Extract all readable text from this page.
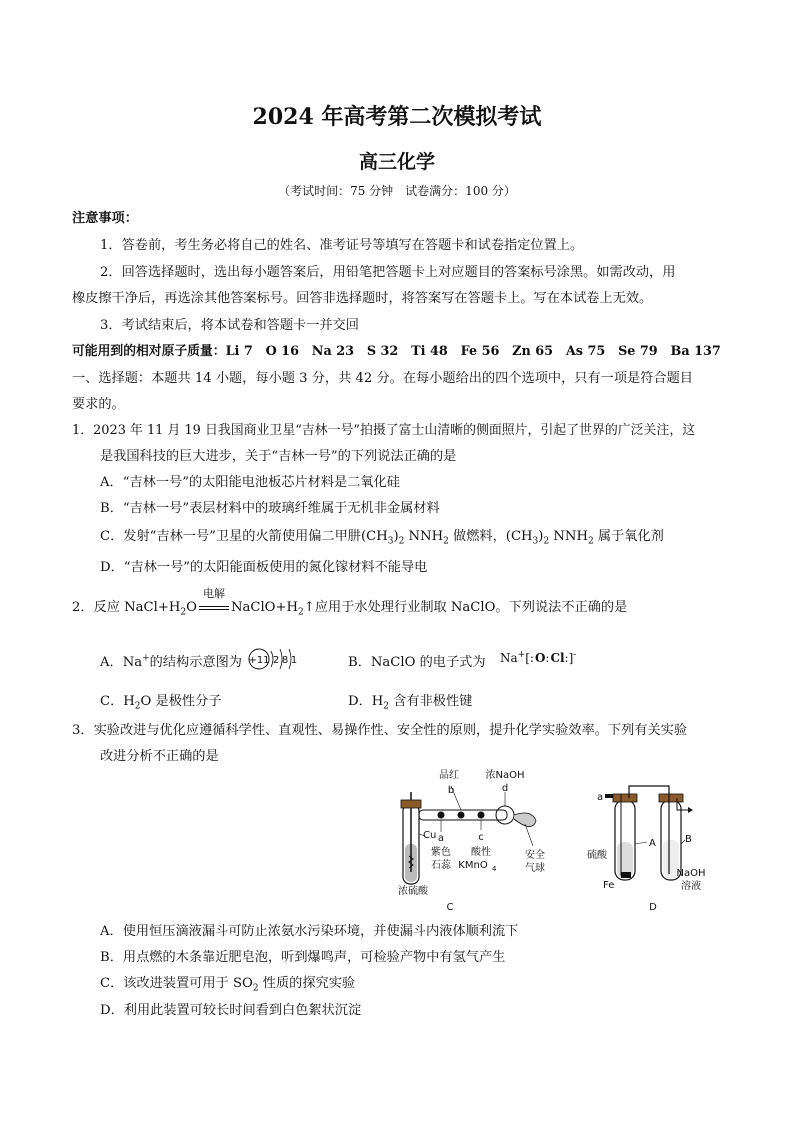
2024 年高考第二次模拟考试
高三化学
（考试时间：75 分钟　试卷满分：100 分）
注意事项：
1．答卷前，考生务必将自己的姓名、准考证号等填写在答题卡和试卷指定位置上。
2．回答选择题时，选出每小题答案后，用铅笔把答题卡上对应题目的答案标号涂黑。如需改动，用
橡皮擦干净后，再选涂其他答案标号。回答非选择题时，将答案写在答题卡上。写在本试卷上无效。
3．考试结束后，将本试卷和答题卡一并交回
可能用到的相对原子质量：Li 7　O 16　Na 23　S 32　Ti 48　Fe 56　Zn 65　As 75　Se 79　Ba 137
一、选择题：本题共 14 小题，每小题 3 分，共 42 分。在每小题给出的四个选项中，只有一项是符合题目
要求的。
1．2023 年 11 月 19 日我国商业卫星“吉林一号”拍摄了富士山清晰的侧面照片，引起了世界的广泛关注，这
是我国科技的巨大进步，关于“吉林一号”的下列说法正确的是
A．“吉林一号”的太阳能电池板芯片材料是二氧化硅
B．“吉林一号”表层材料中的玻璃纤维属于无机非金属材料
C．发射“吉林一号”卫星的火箭使用偏二甲肼$(CH_3)_2$ $NNH_2$ 做燃料，$(CH_3)_2$ $NNH_2$ 属于氧化剂
D．“吉林一号”的太阳能面板使用的氮化镓材料不能导电
2．反应 $NaCl+H_2O$
电解
$NaClO+H_2↑$应用于水处理行业制取 NaClO。下列说法不正确的是
A．Na+的结构示意图为 +11 2 8 1	B．NaClO 的电子式为 Na+[:O:Cl:]-
C．$H_2O$ 是极性分子	D．$H_2$ 含有非极性键
3．实验改进与优化应遵循科学性、直观性、易操作性、安全性的原则，提升化学实验效率。下列有关实验
改进分析不正确的是
品红
b
浓NaOH
d
Cu a
紫色
石蕊
c
酸性
KMnO 4
安全
气球
浓硫酸
C
a
A	B
硫酸
Fe
NaOH
溶液
D
A．使用恒压滴液漏斗可防止浓氨水污染环境，并使漏斗内液体顺利流下
B．用点燃的木条靠近肥皂泡，听到爆鸣声，可检验产物中有氢气产生
C．该改进装置可用于 $SO_2$ 性质的探究实验
D．利用此装置可较长时间看到白色絮状沉淀
